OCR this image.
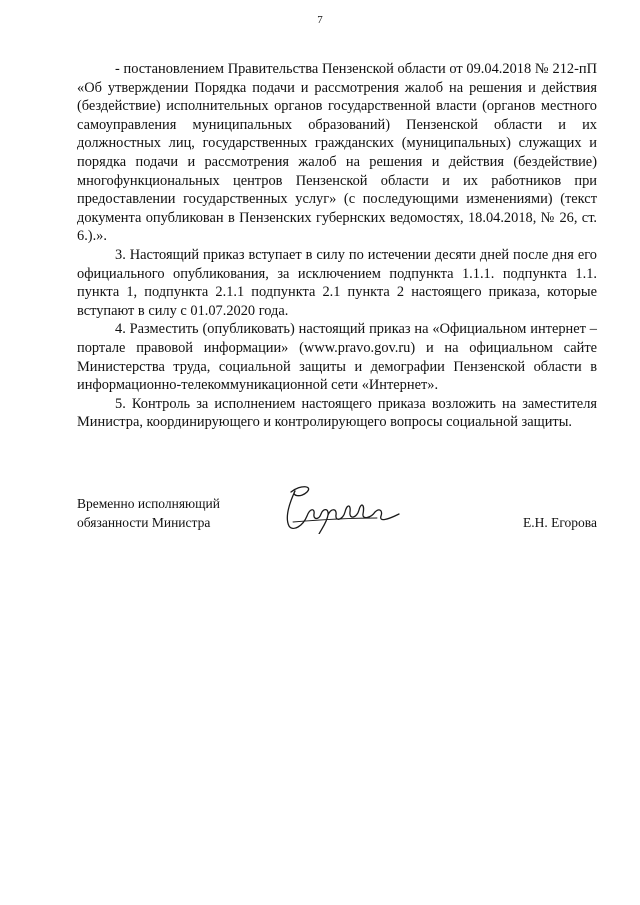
7

- постановлением Правительства Пензенской области от 09.04.2018 № 212-пП «Об утверждении Порядка подачи и рассмотрения жалоб на решения и действия (бездействие) исполнительных органов государственной власти (органов местного самоуправления муниципальных образований) Пензенской области и их должностных лиц, государственных гражданских (муниципальных) служащих и порядка подачи и рассмотрения жалоб на решения и действия (бездействие) многофункциональных центров Пензенской области и их работников при предоставлении государственных услуг» (с последующими изменениями) (текст документа опубликован в Пензенских губернских ведомостях, 18.04.2018, № 26, ст. 6.).».

3. Настоящий приказ вступает в силу по истечении десяти дней после дня его официального опубликования, за исключением подпункта 1.1.1. подпункта 1.1. пункта 1, подпункта 2.1.1 подпункта 2.1 пункта 2 настоящего приказа, которые вступают в силу с 01.07.2020 года.

4. Разместить (опубликовать) настоящий приказ на «Официальном интернет – портале правовой информации» (www.pravo.gov.ru) и на официальном сайте Министерства труда, социальной защиты и демографии Пензенской области в информационно-телекоммуникационной сети «Интернет».

5. Контроль за исполнением настоящего приказа возложить на заместителя Министра, координирующего и контролирующего вопросы социальной защиты.

Временно исполняющий
обязанности Министра	Е.Н. Егорова
